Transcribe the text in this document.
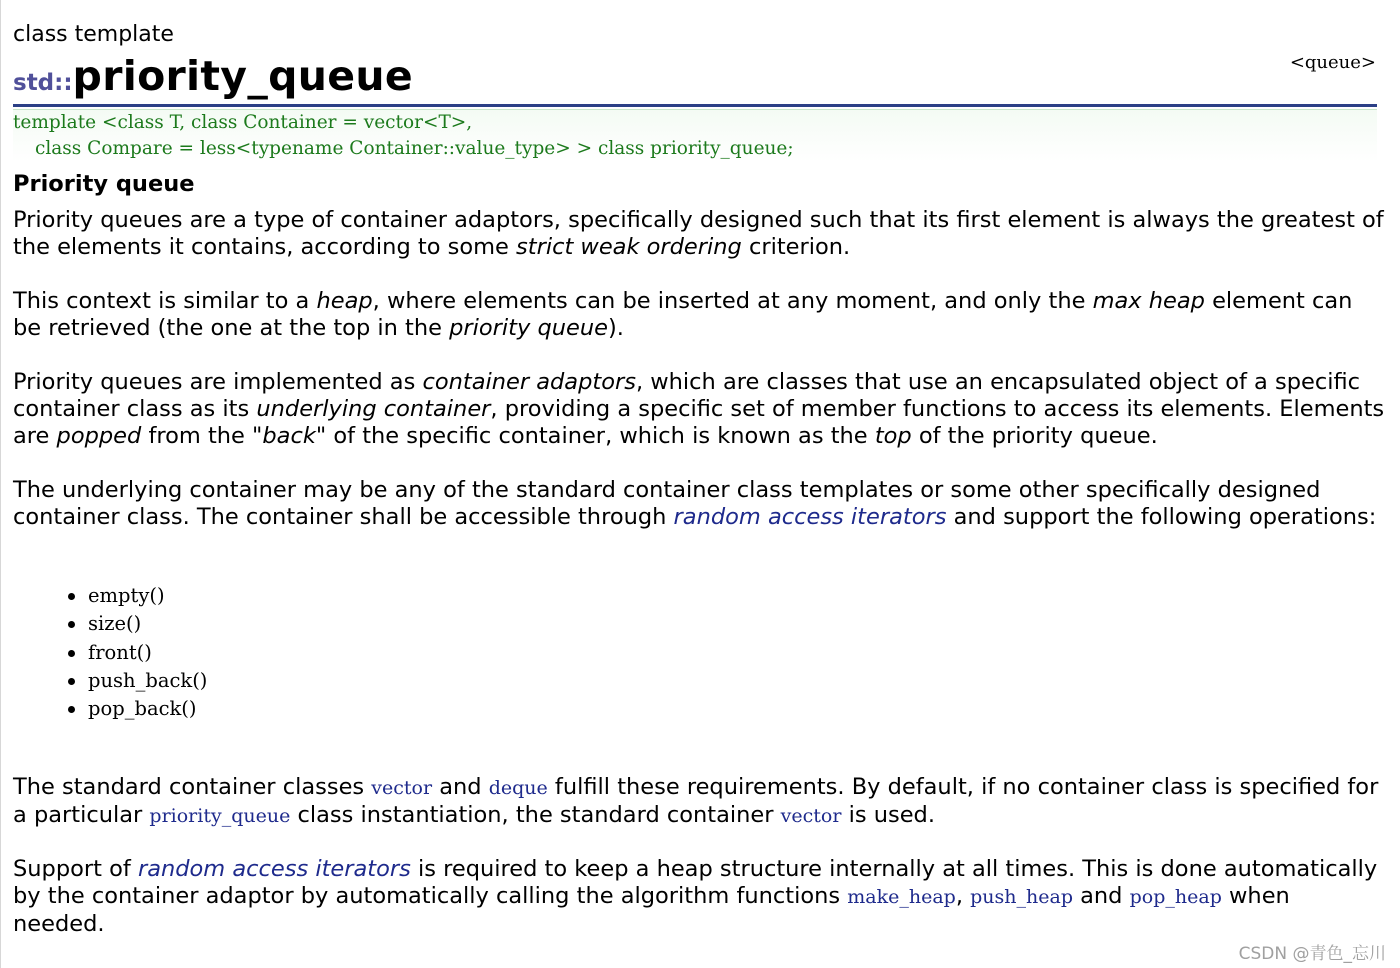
class template
std::priority_queue	<queue>

template <class T, class Container = vector<T>,

class Compare = less<typename Container::value_type> > class priority_queue;

Priority queue
Priority queues are a type of container adaptors, specifically designed such that its first element is always the greatest of the elements it contains, according to some strict weak ordering criterion.
This context is similar to a heap, where elements can be inserted at any moment, and only the max heap element can be retrieved (the one at the top in the priority queue).
Priority queues are implemented as container adaptors, which are classes that use an encapsulated object of a specific container class as its underlying container, providing a specific set of member functions to access its elements. Elements are popped from the "back" of the specific container, which is known as the top of the priority queue.
The underlying container may be any of the standard container class templates or some other specifically designed container class. The container shall be accessible through random access iterators and support the following operations:
empty()
size()
front()
push_back()
pop_back()
The standard container classes vector and deque fulfill these requirements. By default, if no container class is specified for a particular priority_queue class instantiation, the standard container vector is used.
Support of random access iterators is required to keep a heap structure internally at all times. This is done automatically by the container adaptor by automatically calling the algorithm functions make_heap, push_heap and pop_heap when needed.
CSDN @青色_忘川
